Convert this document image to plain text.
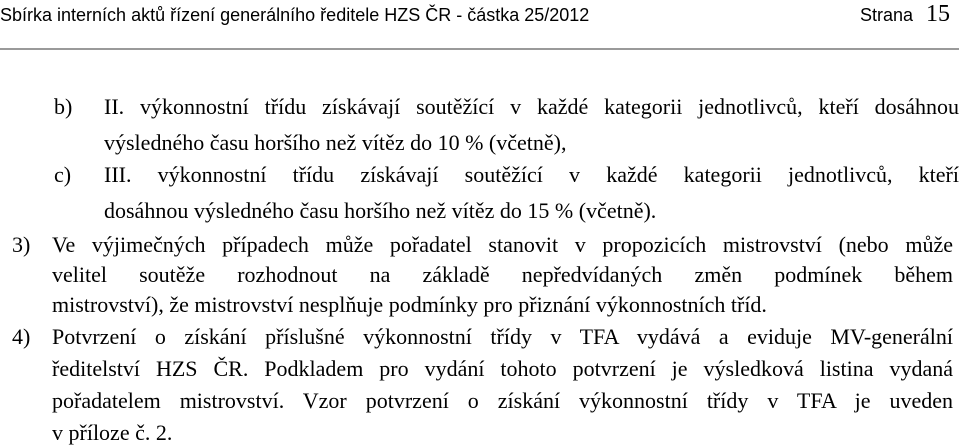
Sbírka interních aktů řízení generálního ředitele HZS ČR - částka 25/2012	Strana 15
b) II. výkonnostní třídu získávají soutěžící v každé kategorii jednotlivců, kteří dosáhnou
výsledného času horšího než vítěz do 10 % (včetně),
c) III. výkonnostní třídu získávají soutěžící v každé kategorii jednotlivců, kteří
dosáhnou výsledného času horšího než vítěz do 15 % (včetně).
3) Ve výjimečných případech může pořadatel stanovit v propozicích mistrovství (nebo může
velitel soutěže rozhodnout na základě nepředvídaných změn podmínek během
mistrovství), že mistrovství nesplňuje podmínky pro přiznání výkonnostních tříd.
4) Potvrzení o získání příslušné výkonnostní třídy v TFA vydává a eviduje MV-generální
ředitelství HZS ČR. Podkladem pro vydání tohoto potvrzení je výsledková listina vydaná
pořadatelem mistrovství. Vzor potvrzení o získání výkonnostní třídy v TFA je uveden
v příloze č. 2.
